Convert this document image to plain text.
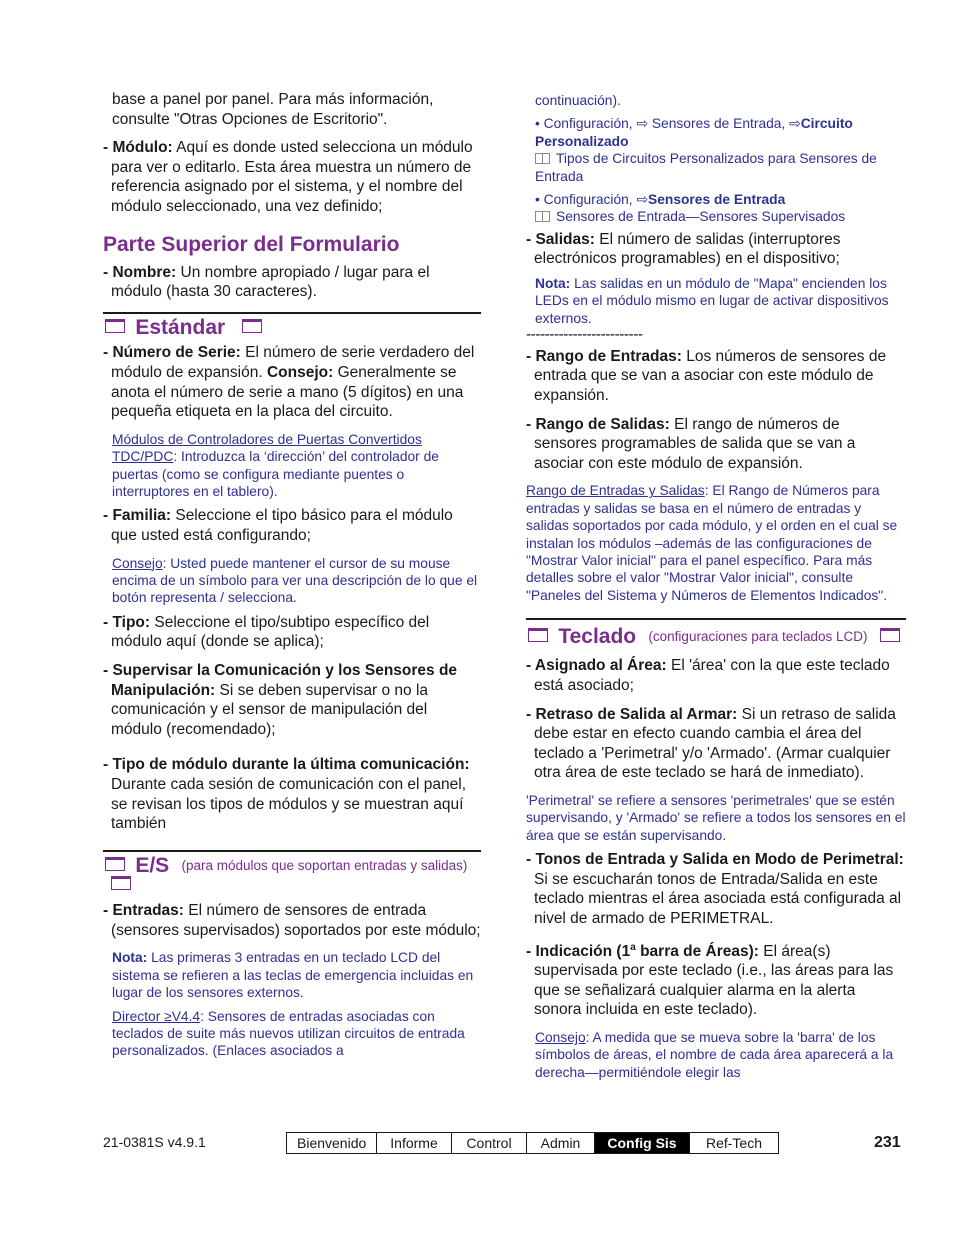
base a panel por panel. Para más información, consulte "Otras Opciones de Escritorio".

- Módulo: Aquí es donde usted selecciona un módulo para ver o editarlo. Esta área muestra un número de referencia asignado por el sistema, y el nombre del módulo seleccionado, una vez definido;

Parte Superior del Formulario

- Nombre: Un nombre apropiado / lugar para el módulo (hasta 30 caracteres).

Estándar

- Número de Serie: El número de serie verdadero del módulo de expansión. Consejo: Generalmente se anota el número de serie a mano (5 dígitos) en una pequeña etiqueta en la placa del circuito.

Módulos de Controladores de Puertas Convertidos TDC/PDC: Introduzca la ‘dirección’ del controlador de puertas (como se configura mediante puentes o interruptores en el tablero).

- Familia: Seleccione el tipo básico para el módulo que usted está configurando;

Consejo: Usted puede mantener el cursor de su mouse encima de un símbolo para ver una descripción de lo que el botón representa / selecciona.

- Tipo: Seleccione el tipo/subtipo específico del módulo aquí (donde se aplica);

- Supervisar la Comunicación y los Sensores de Manipulación: Si se deben supervisar o no la comunicación y el sensor de manipulación del módulo (recomendado);

- Tipo de módulo durante la última comunicación: Durante cada sesión de comunicación con el panel, se revisan los tipos de módulos y se muestran aquí también

E/S (para módulos que soportan entradas y salidas)

- Entradas: El número de sensores de entrada (sensores supervisados) soportados por este módulo;

Nota: Las primeras 3 entradas en un teclado LCD del sistema se refieren a las teclas de emergencia incluidas en lugar de los sensores externos.

Director ≥V4.4: Sensores de entradas asociadas con teclados de suite más nuevos utilizan circuitos de entrada personalizados. (Enlaces asociados a

continuación).

• Configuración, ⇨ Sensores de Entrada, ⇨Circuito Personalizado

Tipos de Circuitos Personalizados para Sensores de Entrada

• Configuración, ⇨Sensores de Entrada

Sensores de Entrada—Sensores Supervisados

- Salidas: El número de salidas (interruptores electrónicos programables) en el dispositivo;

Nota: Las salidas en un módulo de "Mapa" encienden los LEDs en el módulo mismo en lugar de activar dispositivos externos.

-------------------------

- Rango de Entradas: Los números de sensores de entrada que se van a asociar con este módulo de expansión.

- Rango de Salidas: El rango de números de sensores programables de salida que se van a asociar con este módulo de expansión.

Rango de Entradas y Salidas: El Rango de Números para entradas y salidas se basa en el número de entradas y salidas soportados por cada módulo, y el orden en el cual se instalan los módulos –además de las configuraciones de "Mostrar Valor inicial" para el panel específico. Para más detalles sobre el valor "Mostrar Valor inicial", consulte "Paneles del Sistema y Números de Elementos Indicados".

Teclado (configuraciones para teclados LCD)

- Asignado al Área: El 'área' con la que este teclado está asociado;

- Retraso de Salida al Armar: Si un retraso de salida debe estar en efecto cuando cambia el área del teclado a 'Perimetral' y/o 'Armado'. (Armar cualquier otra área de este teclado se hará de inmediato).

'Perimetral' se refiere a sensores 'perimetrales' que se estén supervisando, y 'Armado' se refiere a todos los sensores en el área que se están supervisando.

- Tonos de Entrada y Salida en Modo de Perimetral: Si se escucharán tonos de Entrada/Salida en este teclado mientras el área asociada está configurada al nivel de armado de PERIMETRAL.

- Indicación (1$^a$ barra de Áreas): El área(s) supervisada por este teclado (i.e., las áreas para las que se señalizará cualquier alarma en la alerta sonora incluida en este teclado).

Consejo: A medida que se mueva sobre la 'barra' de los símbolos de áreas, el nombre de cada área aparecerá a la derecha—permitiéndole elegir las

21-0381S v4.9.1	Bienvenido	Informe	Control	Admin	Config Sis	Ref-Tech	231
